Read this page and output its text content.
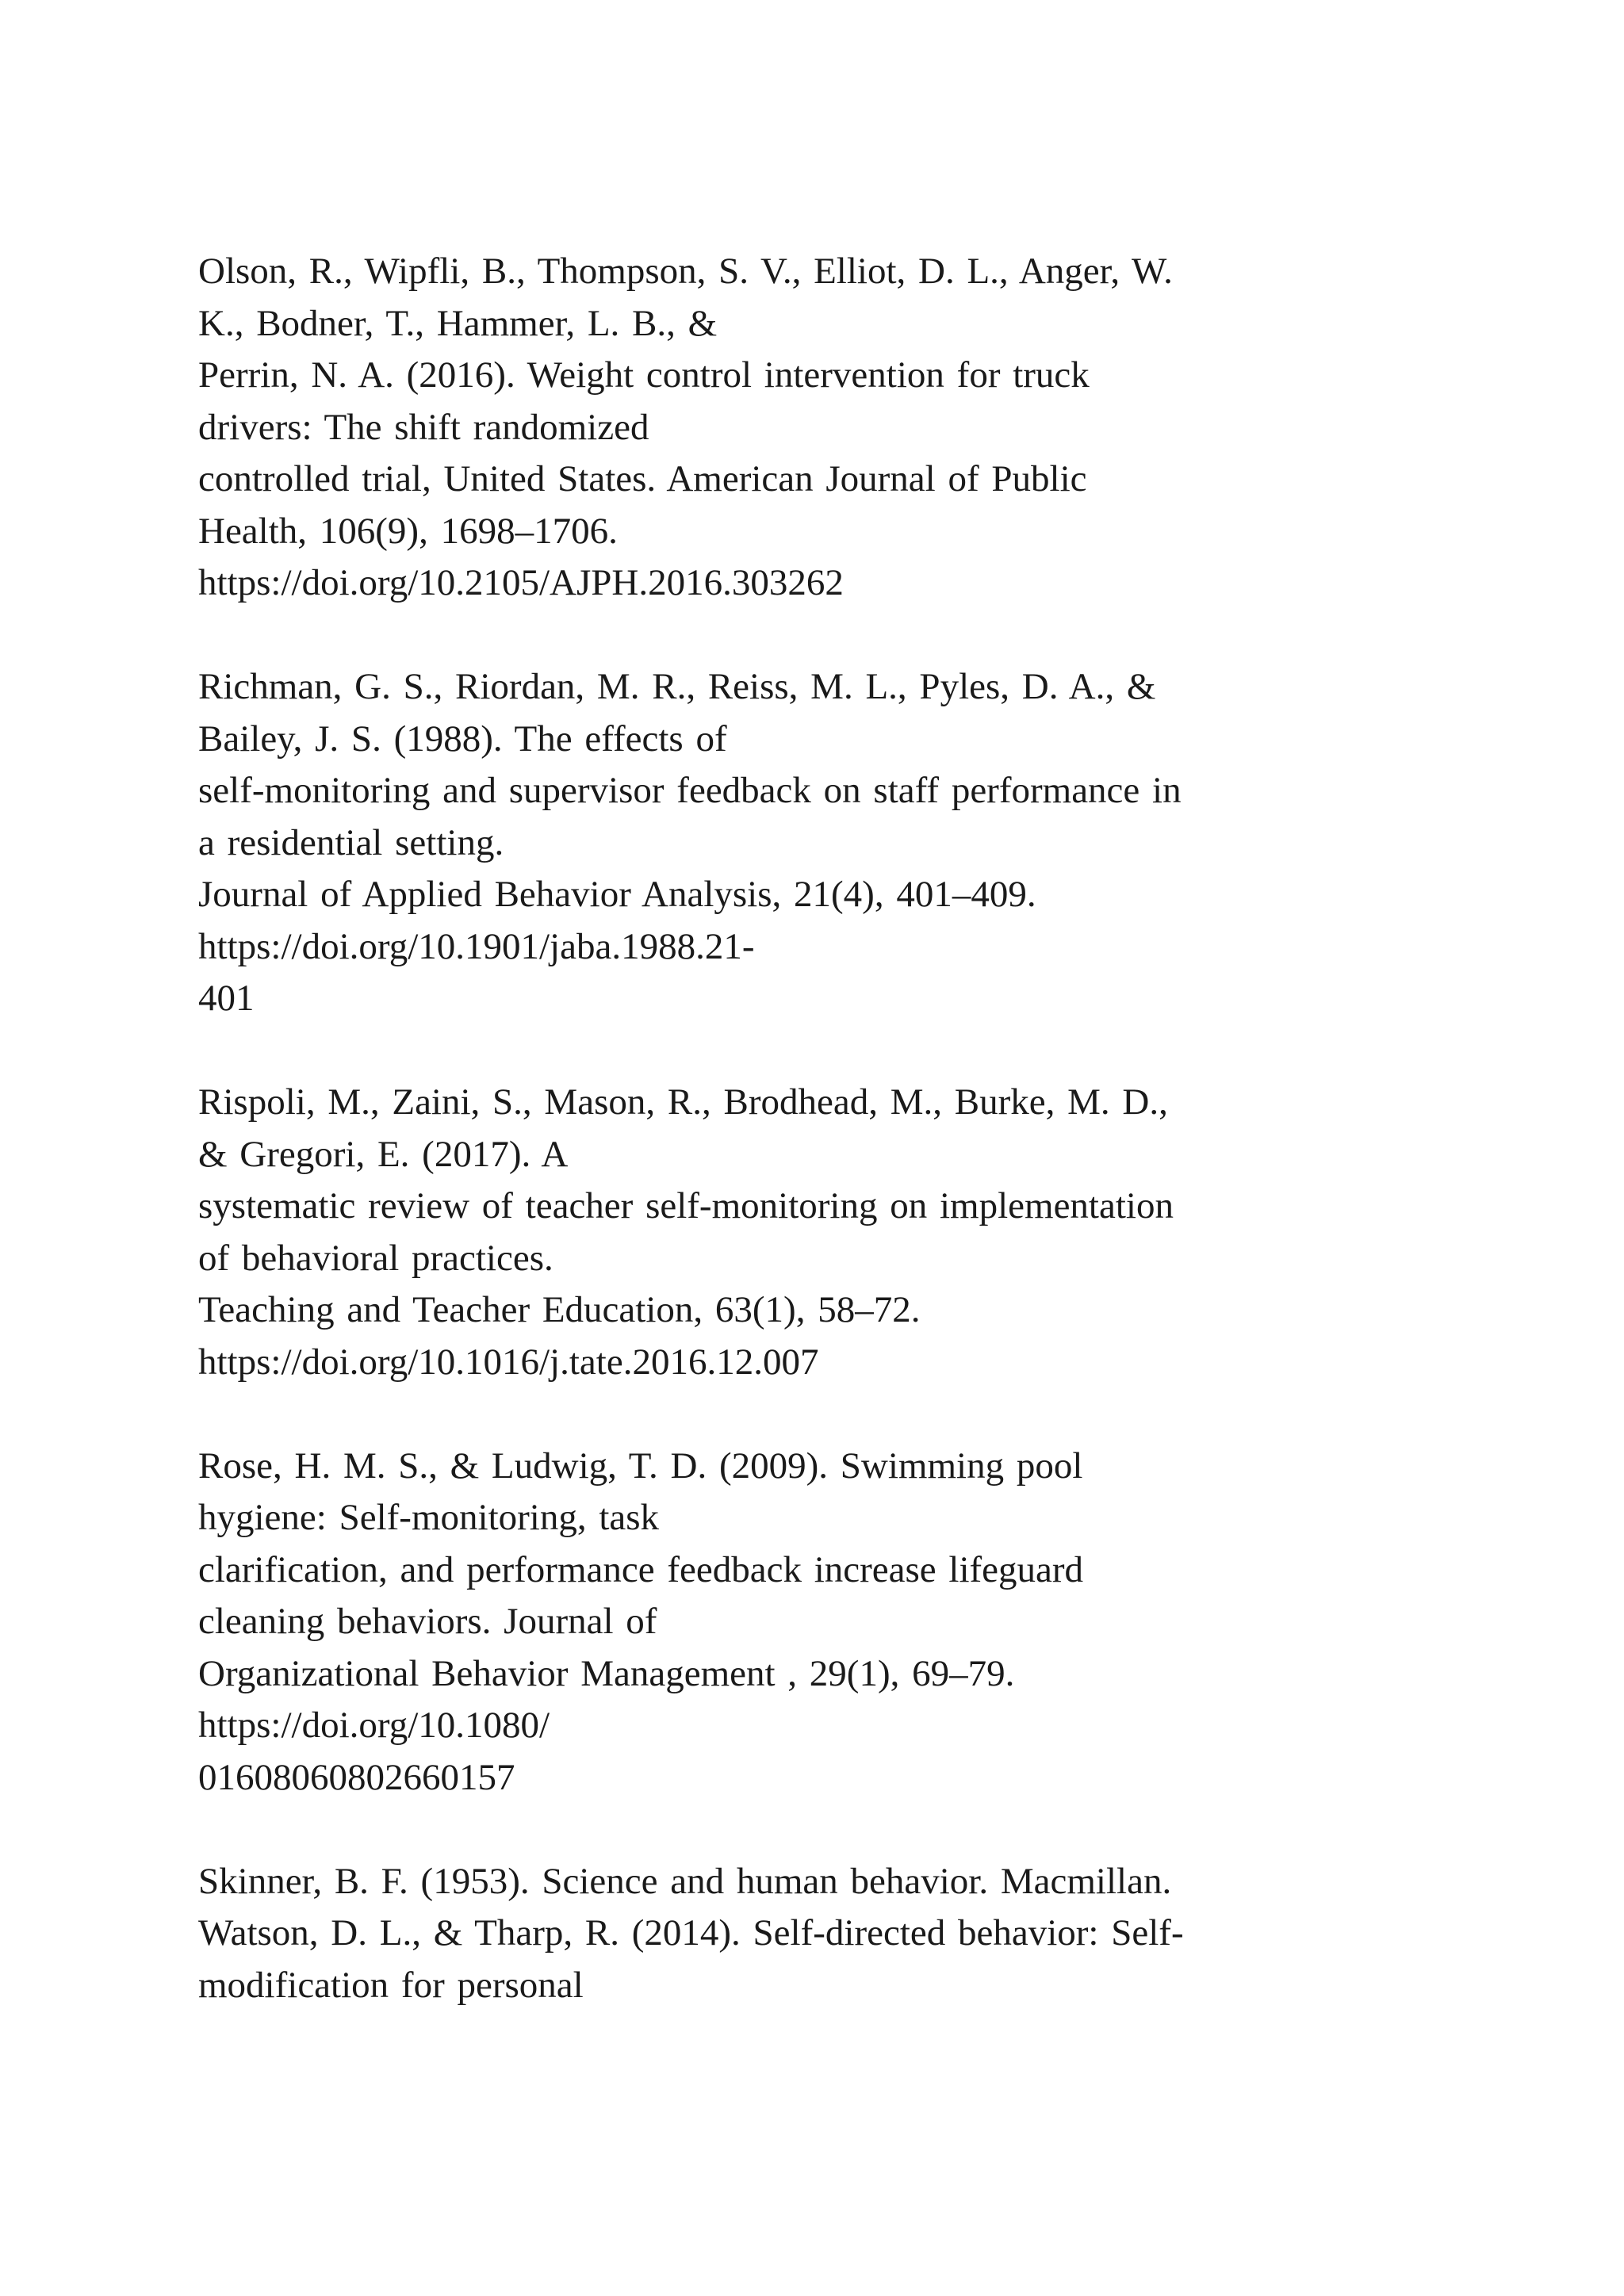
Olson, R., Wipfli, B., Thompson, S. V., Elliot, D. L., Anger, W.
K., Bodner, T., Hammer, L. B., &
Perrin, N. A. (2016). Weight control intervention for truck
drivers: The shift randomized
controlled trial, United States. American Journal of Public
Health, 106(9), 1698–1706.
https://doi.org/10.2105/AJPH.2016.303262
Richman, G. S., Riordan, M. R., Reiss, M. L., Pyles, D. A., &
Bailey, J. S. (1988). The effects of
self-monitoring and supervisor feedback on staff performance in
a residential setting.
Journal of Applied Behavior Analysis, 21(4), 401–409.
https://doi.org/10.1901/jaba.1988.21-
401
Rispoli, M., Zaini, S., Mason, R., Brodhead, M., Burke, M. D.,
& Gregori, E. (2017). A
systematic review of teacher self-monitoring on implementation
of behavioral practices.
Teaching and Teacher Education, 63(1), 58–72.
https://doi.org/10.1016/j.tate.2016.12.007
Rose, H. M. S., & Ludwig, T. D. (2009). Swimming pool
hygiene: Self-monitoring, task
clarification, and performance feedback increase lifeguard
cleaning behaviors. Journal of
Organizational Behavior Management , 29(1), 69–79.
https://doi.org/10.1080/
01608060802660157
Skinner, B. F. (1953). Science and human behavior. Macmillan.
Watson, D. L., & Tharp, R. (2014). Self-directed behavior: Self-
modification for personal
